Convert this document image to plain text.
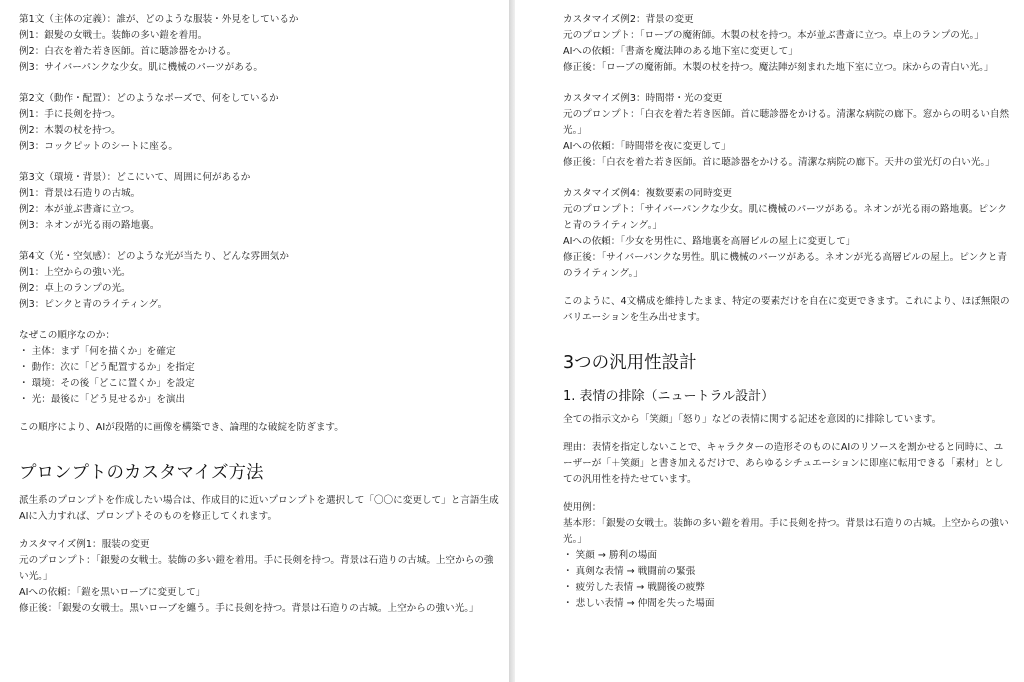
第1文（主体の定義）：誰が、どのような服装・外見をしているか

例1：銀髪の女戦士。装飾の多い鎧を着用。

例2：白衣を着た若き医師。首に聴診器をかける。

例3：サイバーパンクな少女。肌に機械のパーツがある。

第2文（動作・配置）：どのようなポーズで、何をしているか

例1：手に長剣を持つ。

例2：木製の杖を持つ。

例3：コックピットのシートに座る。

第3文（環境・背景）：どこにいて、周囲に何があるか

例1：背景は石造りの古城。

例2：本が並ぶ書斎に立つ。

例3：ネオンが光る雨の路地裏。

第4文（光・空気感）：どのような光が当たり、どんな雰囲気か

例1：上空からの強い光。

例2：卓上のランプの光。

例3：ピンクと青のライティング。

なぜこの順序なのか：

・ 主体：まず「何を描くか」を確定

・ 動作：次に「どう配置するか」を指定

・ 環境：その後「どこに置くか」を設定

・ 光：最後に「どう見せるか」を演出

この順序により、AIが段階的に画像を構築でき、論理的な破綻を防ぎます。

プロンプトのカスタマイズ方法

派生系のプロンプトを作成したい場合は、作成目的に近いプロンプトを選択して「〇〇に変更して」と言語生成AIに入力すれば、プロンプトそのものを修正してくれます。

カスタマイズ例1：服装の変更

元のプロンプト：「銀髪の女戦士。装飾の多い鎧を着用。手に長剣を持つ。背景は石造りの古城。上空からの強い光。」

AIへの依頼：「鎧を黒いローブに変更して」

修正後：「銀髪の女戦士。黒いローブを纏う。手に長剣を持つ。背景は石造りの古城。上空からの強い光。」

カスタマイズ例2：背景の変更

元のプロンプト：「ローブの魔術師。木製の杖を持つ。本が並ぶ書斎に立つ。卓上のランプの光。」

AIへの依頼：「書斎を魔法陣のある地下室に変更して」

修正後：「ローブの魔術師。木製の杖を持つ。魔法陣が刻まれた地下室に立つ。床からの青白い光。」

カスタマイズ例3：時間帯・光の変更

元のプロンプト：「白衣を着た若き医師。首に聴診器をかける。清潔な病院の廊下。窓からの明るい自然光。」

AIへの依頼：「時間帯を夜に変更して」

修正後：「白衣を着た若き医師。首に聴診器をかける。清潔な病院の廊下。天井の蛍光灯の白い光。」

カスタマイズ例4：複数要素の同時変更

元のプロンプト：「サイバーパンクな少女。肌に機械のパーツがある。ネオンが光る雨の路地裏。ピンクと青のライティング。」

AIへの依頼：「少女を男性に、路地裏を高層ビルの屋上に変更して」

修正後：「サイバーパンクな男性。肌に機械のパーツがある。ネオンが光る高層ビルの屋上。ピンクと青のライティング。」

このように、4文構成を維持したまま、特定の要素だけを自在に変更できます。これにより、ほぼ無限のバリエーションを生み出せます。

3つの汎用性設計
1. 表情の排除（ニュートラル設計）

全ての指示文から「笑顔」「怒り」などの表情に関する記述を意図的に排除しています。

理由：表情を指定しないことで、キャラクターの造形そのものにAIのリソースを割かせると同時に、ユーザーが「＋笑顔」と書き加えるだけで、あらゆるシチュエーションに即座に転用できる「素材」としての汎用性を持たせています。

使用例：

基本形：「銀髪の女戦士。装飾の多い鎧を着用。手に長剣を持つ。背景は石造りの古城。上空からの強い光。」

・ 笑顔 → 勝利の場面

・ 真剣な表情 → 戦闘前の緊張

・ 疲労した表情 → 戦闘後の疲弊

・ 悲しい表情 → 仲間を失った場面
